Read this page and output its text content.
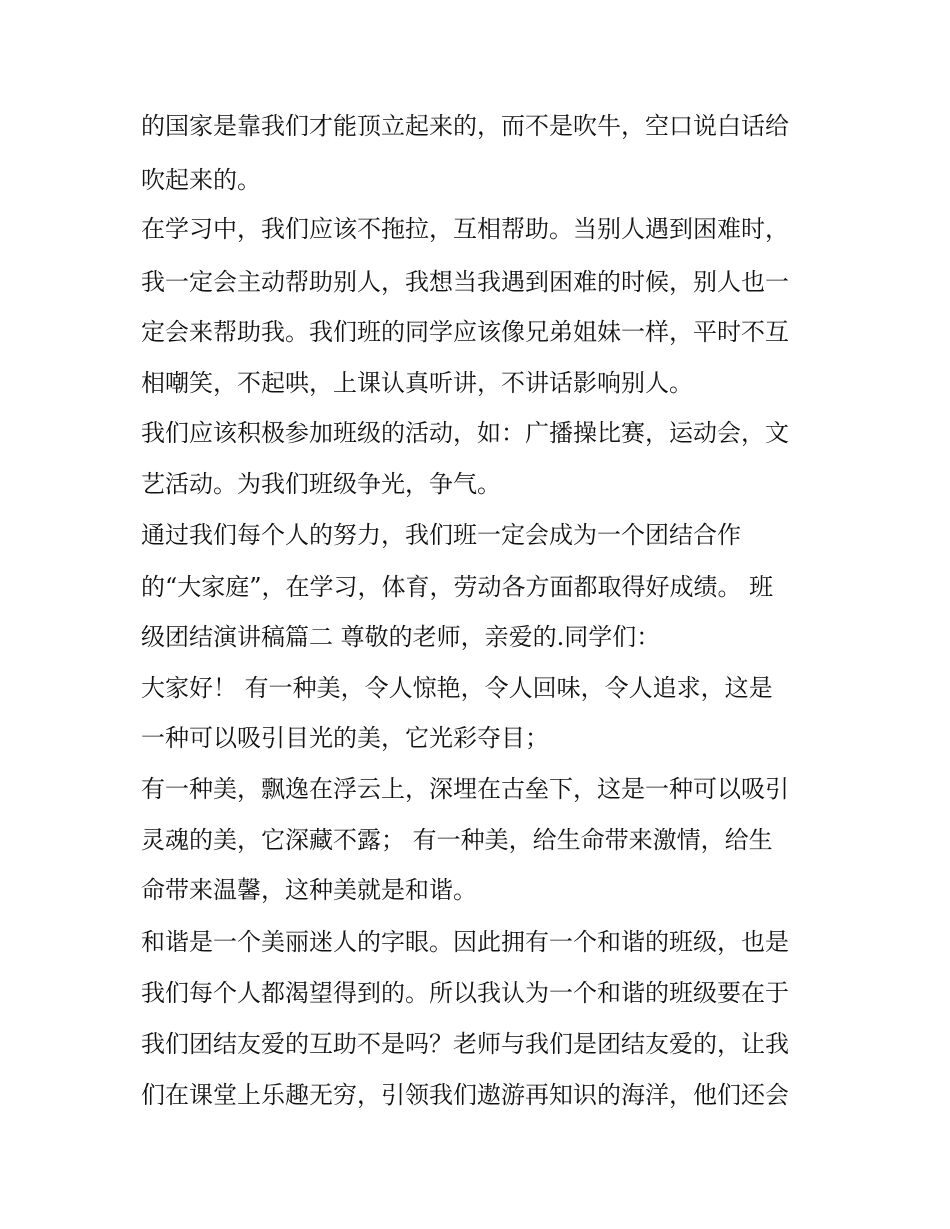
的国家是靠我们才能顶立起来的，而不是吹牛，空口说白话给
吹起来的。
在学习中，我们应该不拖拉，互相帮助。当别人遇到困难时，
我一定会主动帮助别人，我想当我遇到困难的时候，别人也一
定会来帮助我。我们班的同学应该像兄弟姐妹一样，平时不互
相嘲笑，不起哄，上课认真听讲，不讲话影响别人。
我们应该积极参加班级的活动，如：广播操比赛，运动会，文
艺活动。为我们班级争光，争气。
通过我们每个人的努力，我们班一定会成为一个团结合作
的“大家庭”，在学习，体育，劳动各方面都取得好成绩。 班
级团结演讲稿篇二 尊敬的老师，亲爱的.同学们：
大家好！ 有一种美，令人惊艳，令人回味，令人追求，这是
一种可以吸引目光的美，它光彩夺目；
有一种美，飘逸在浮云上，深埋在古垒下，这是一种可以吸引
灵魂的美，它深藏不露； 有一种美，给生命带来激情，给生
命带来温馨，这种美就是和谐。
和谐是一个美丽迷人的字眼。因此拥有一个和谐的班级，也是
我们每个人都渴望得到的。所以我认为一个和谐的班级要在于
我们团结友爱的互助不是吗？老师与我们是团结友爱的，让我
们在课堂上乐趣无穷，引领我们遨游再知识的海洋，他们还会
